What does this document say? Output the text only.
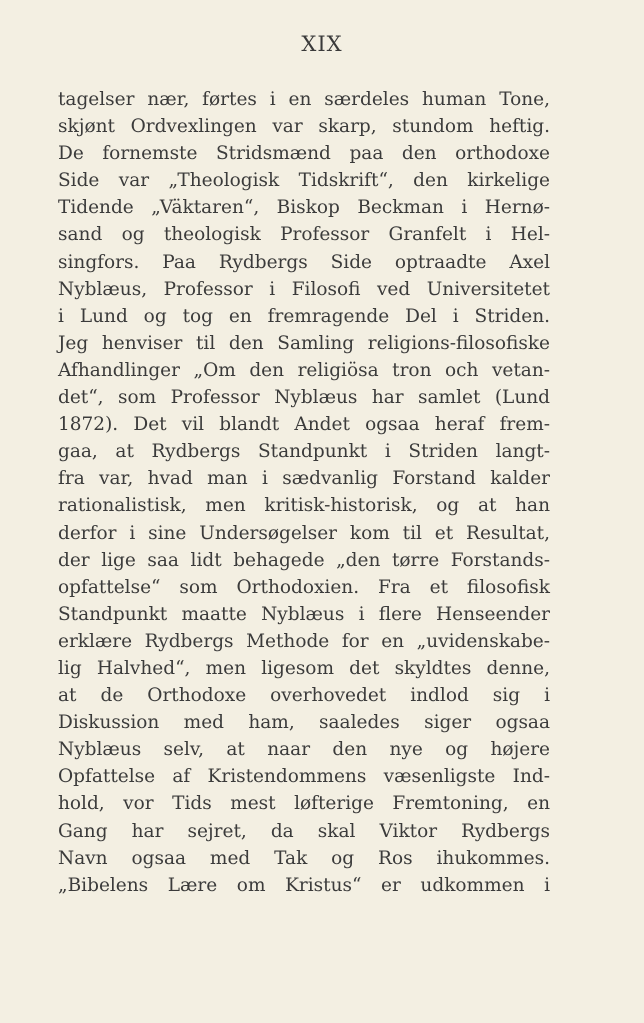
XIX
tagelser nær, førtes i en særdeles human Tone,
skjønt Ordvexlingen var skarp, stundom heftig.
De fornemste Stridsmænd paa den orthodoxe
Side var „Theologisk Tidskrift“, den kirkelige
Tidende „Väktaren“, Biskop Beckman i Hernø-
sand og theologisk Professor Granfelt i Hel-
singfors. Paa Rydbergs Side optraadte Axel
Nyblæus, Professor i Filosofi ved Universitetet
i Lund og tog en fremragende Del i Striden.
Jeg henviser til den Samling religions-filosofiske
Afhandlinger „Om den religiösa tron och vetan-
det“, som Professor Nyblæus har samlet (Lund
1872). Det vil blandt Andet ogsaa heraf frem-
gaa, at Rydbergs Standpunkt i Striden langt-
fra var, hvad man i sædvanlig Forstand kalder
rationalistisk, men kritisk-historisk, og at han
derfor i sine Undersøgelser kom til et Resultat,
der lige saa lidt behagede „den tørre Forstands-
opfattelse“ som Orthodoxien. Fra et filosofisk
Standpunkt maatte Nyblæus i flere Henseender
erklære Rydbergs Methode for en „uvidenskabe-
lig Halvhed“, men ligesom det skyldtes denne,
at de Orthodoxe overhovedet indlod sig i
Diskussion med ham, saaledes siger ogsaa
Nyblæus selv, at naar den nye og højere
Opfattelse af Kristendommens væsenligste Ind-
hold, vor Tids mest løfterige Fremtoning, en
Gang har sejret, da skal Viktor Rydbergs
Navn ogsaa med Tak og Ros ihukommes.
„Bibelens Lære om Kristus“ er udkommen i
